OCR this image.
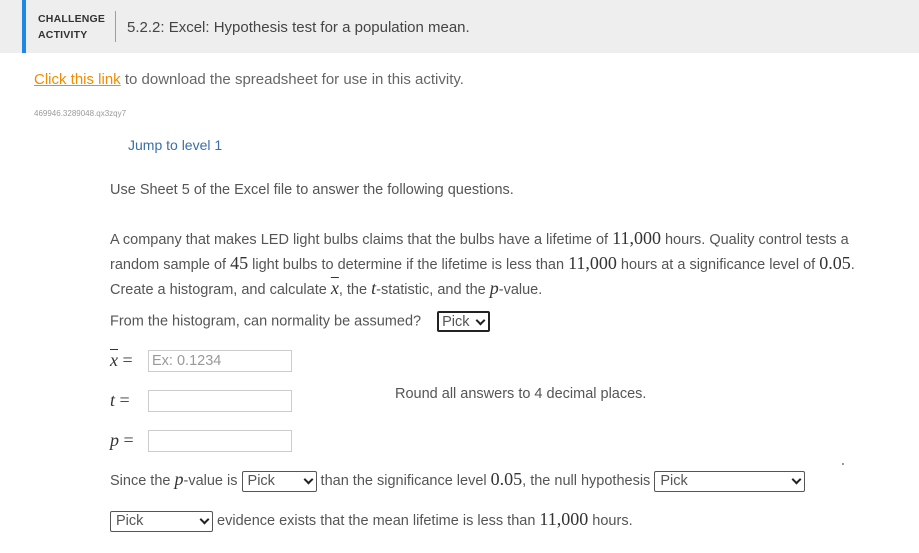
CHALLENGE
ACTIVITY	5.2.2: Excel: Hypothesis test for a population mean.
Click this link to download the spreadsheet for use in this activity.
469946.3289048.qx3zqy7
Jump to level 1
Use Sheet 5 of the Excel file to answer the following questions.
A company that makes LED light bulbs claims that the bulbs have a lifetime of 11,000 hours. Quality control tests a random sample of 45 light bulbs to determine if the lifetime is less than 11,000 hours at a significance level of 0.05. Create a histogram, and calculate $\overline{x}$, the t-statistic, and the p-value.
From the histogram, can normality be assumed? Pick
$\overline{x} = Ex$: 0.1234
t =	Round all answers to 4 decimal places.
p =
Since the p-value is Pick	than the significance level 0.05, the null hypothesis Pick
Pick	evidence exists that the mean lifetime is less than 11,000 hours.
